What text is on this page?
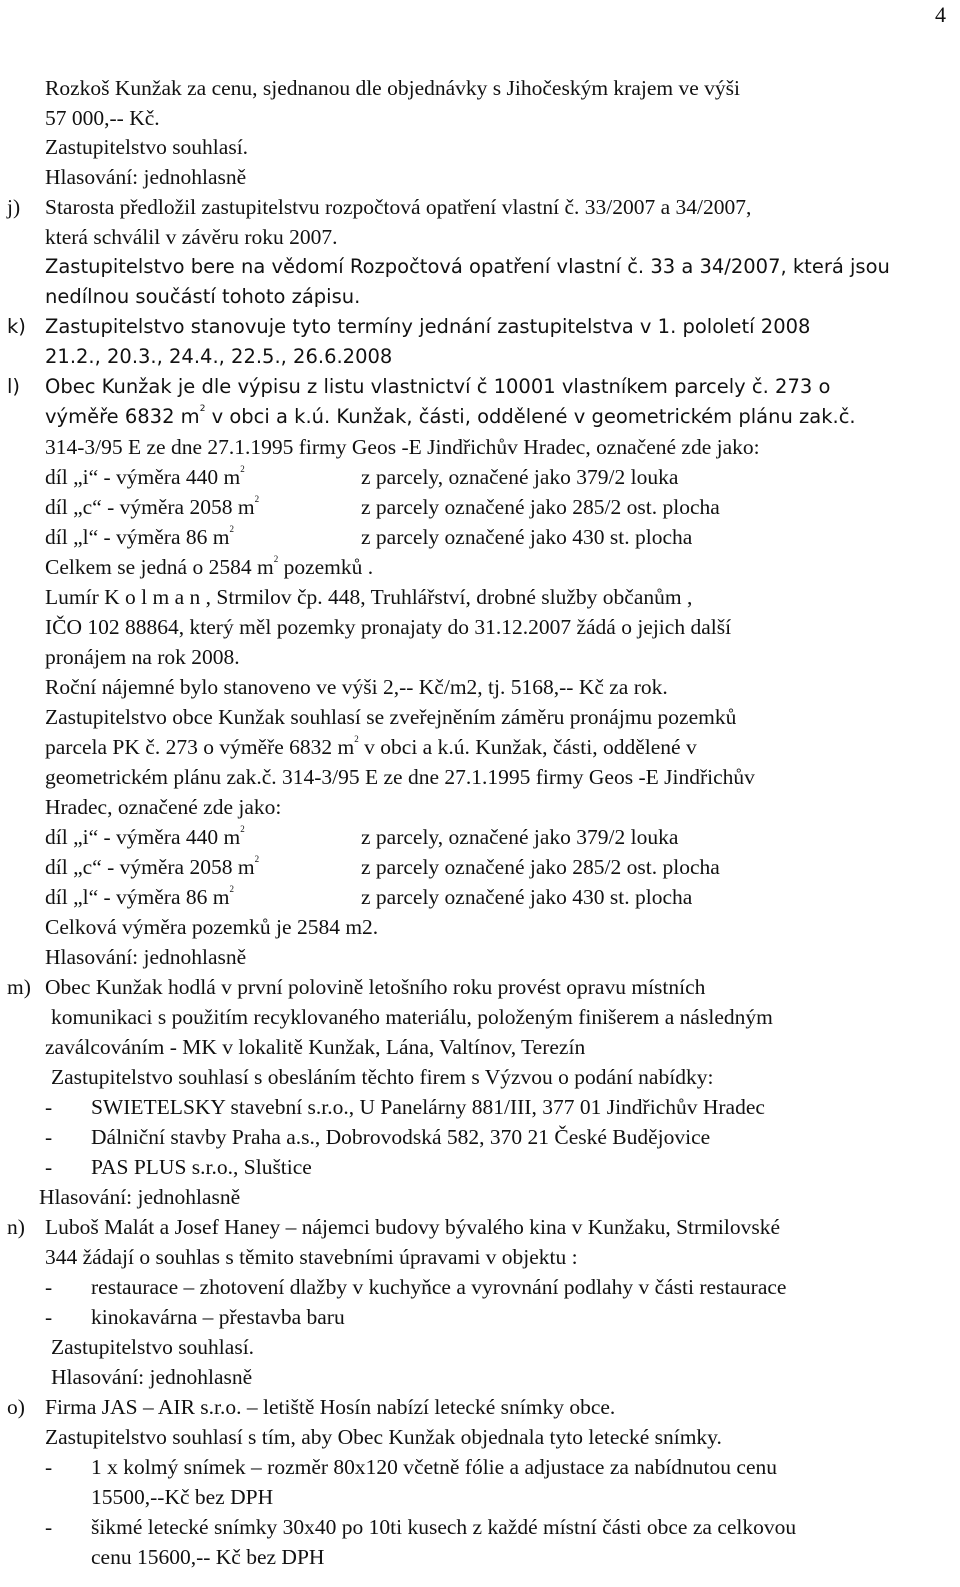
4
Rozkoš Kunžak za cenu, sjednanou dle objednávky s Jihočeským krajem ve výši
57 000,-- Kč.
Zastupitelstvo souhlasí.
Hlasování: jednohlasně
j) Starosta předložil zastupitelstvu rozpočtová opatření vlastní č. 33/2007 a 34/2007,
která schválil v závěru roku 2007.
Zastupitelstvo bere na vědomí Rozpočtová opatření vlastní č. 33 a 34/2007, která jsou
nedílnou součástí tohoto zápisu.
k) Zastupitelstvo stanovuje tyto termíny jednání zastupitelstva v 1. pololetí 2008
21.2., 20.3., 24.4., 22.5., 26.6.2008
l) Obec Kunžak je dle výpisu z listu vlastnictví č 10001 vlastníkem parcely č. 273 o
výměře 6832 $m^2$ v obci a k.ú. Kunžak, části, oddělené v geometrickém plánu zak.č.
314-3/95 E ze dne 27.1.1995 firmy Geos -E Jindřichův Hradec, označené zde jako:
díl „i“ - výměra 440 $m^2$	z parcely, označené jako 379/2 louka
díl „c“ - výměra 2058 $m^2$	z parcely označené jako 285/2 ost. plocha
díl „l“ - výměra 86 $m^2$	z parcely označené jako 430 st. plocha
Celkem se jedná o 2584 $m^2$ pozemků .
Lumír K o l m a n , Strmilov čp. 448, Truhlářství, drobné služby občanům ,
IČO 102 88864, který měl pozemky pronajaty do 31.12.2007 žádá o jejich další
pronájem na rok 2008.
Roční nájemné bylo stanoveno ve výši 2,-- Kč/m2, tj. 5168,-- Kč za rok.
Zastupitelstvo obce Kunžak souhlasí se zveřejněním záměru pronájmu pozemků
parcela PK č. 273 o výměře 6832 $m^2$ v obci a k.ú. Kunžak, části, oddělené v
geometrickém plánu zak.č. 314-3/95 E ze dne 27.1.1995 firmy Geos -E Jindřichův
Hradec, označené zde jako:
díl „i“ - výměra 440 $m^2$	z parcely, označené jako 379/2 louka
díl „c“ - výměra 2058 $m^2$	z parcely označené jako 285/2 ost. plocha
díl „l“ - výměra 86 $m^2$	z parcely označené jako 430 st. plocha
Celková výměra pozemků je 2584 m2.
Hlasování: jednohlasně
m) Obec Kunžak hodlá v první polovině letošního roku provést opravu místních
komunikaci s použitím recyklovaného materiálu, položeným finišerem a následným
zaválcováním - MK v lokalitě Kunžak, Lána, Valtínov, Terezín
Zastupitelstvo souhlasí s obesláním těchto firem s Výzvou o podání nabídky:
- SWIETELSKY stavební s.r.o., U Panelárny 881/III, 377 01 Jindřichův Hradec
- Dálniční stavby Praha a.s., Dobrovodská 582, 370 21 České Budějovice
- PAS PLUS s.r.o., Sluštice
Hlasování: jednohlasně
n) Luboš Malát a Josef Haney – nájemci budovy bývalého kina v Kunžaku, Strmilovské
344 žádají o souhlas s těmito stavebními úpravami v objektu :
- restaurace – zhotovení dlažby v kuchyňce a vyrovnání podlahy v části restaurace
- kinokavárna – přestavba baru
Zastupitelstvo souhlasí.
Hlasování: jednohlasně
o) Firma JAS – AIR s.r.o. – letiště Hosín nabízí letecké snímky obce.
Zastupitelstvo souhlasí s tím, aby Obec Kunžak objednala tyto letecké snímky.
- 1 x kolmý snímek – rozměr 80x120 včetně fólie a adjustace za nabídnutou cenu
15500,--Kč bez DPH
- šikmé letecké snímky 30x40 po 10ti kusech z každé místní části obce za celkovou
cenu 15600,-- Kč bez DPH
